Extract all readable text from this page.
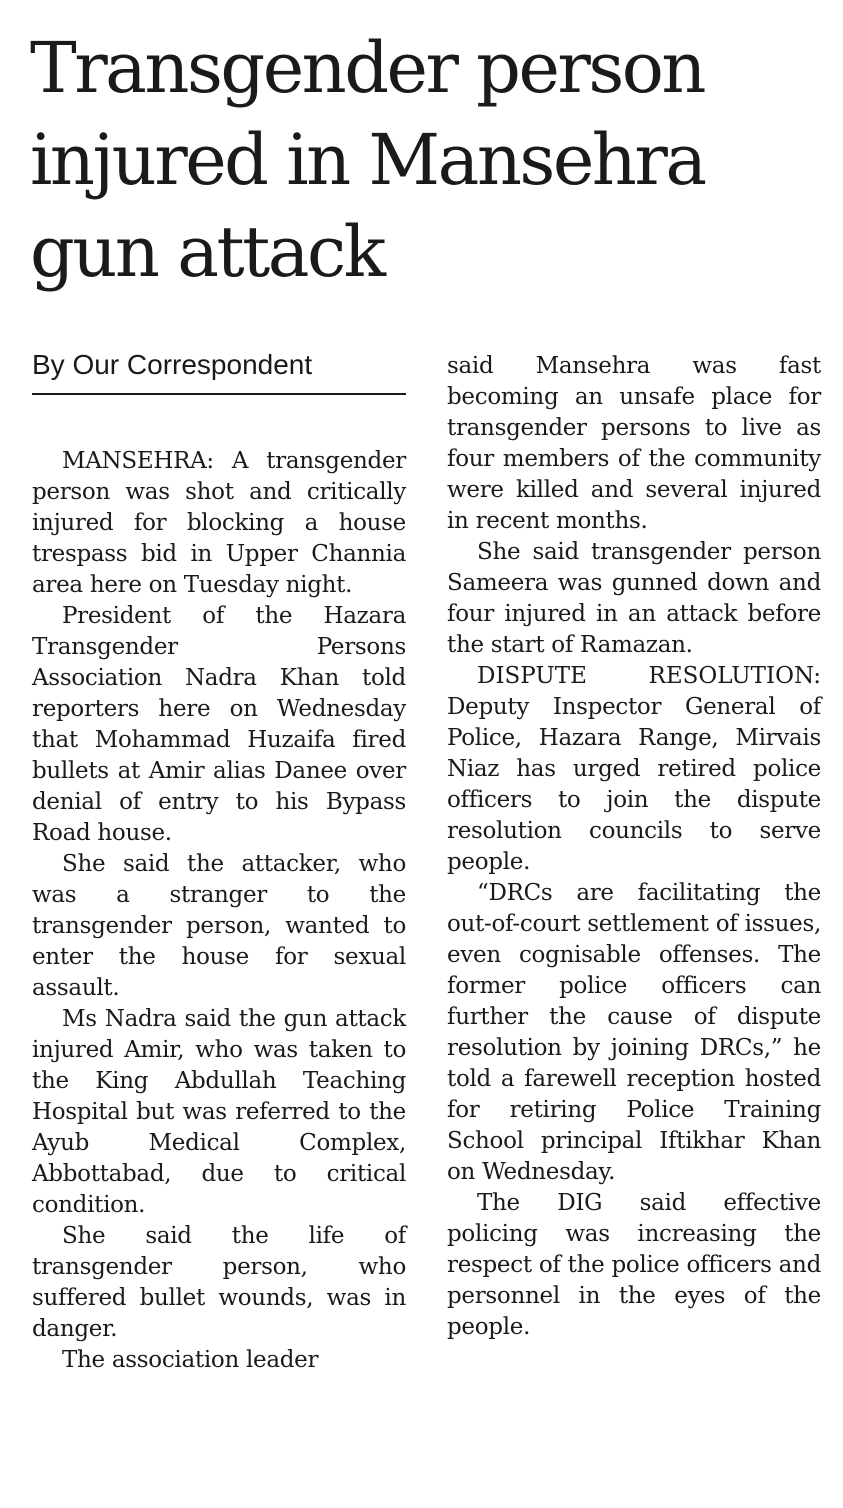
Transgender person injured in Mansehra gun attack
By Our Correspondent

MANSEHRA: A transgender person was shot and critically injured for blocking a house trespass bid in Upper Channia area here on Tuesday night.

President of the Hazara Transgender Persons Association Nadra Khan told reporters here on Wednesday that Mohammad Huzaifa fired bullets at Amir alias Danee over denial of entry to his Bypass Road house.

She said the attacker, who was a stranger to the transgender person, wanted to enter the house for sexual assault.

Ms Nadra said the gun attack injured Amir, who was taken to the King Abdullah Teaching Hospital but was referred to the Ayub Medical Complex, Abbottabad, due to critical condition.

She said the life of transgender person, who suffered bullet wounds, was in danger.

The association leader

said Mansehra was fast becoming an unsafe place for transgender persons to live as four members of the community were killed and several injured in recent months.

She said transgender person Sameera was gunned down and four injured in an attack before the start of Ramazan.

DISPUTE RESOLUTION: Deputy Inspector General of Police, Hazara Range, Mirvais Niaz has urged retired police officers to join the dispute resolution councils to serve people.

“DRCs are facilitating the out-of-court settlement of issues, even cognisable offenses. The former police officers can further the cause of dispute resolution by joining DRCs,” he told a farewell reception hosted for retiring Police Training School principal Iftikhar Khan on Wednesday.

The DIG said effective policing was increasing the respect of the police officers and personnel in the eyes of the people.
